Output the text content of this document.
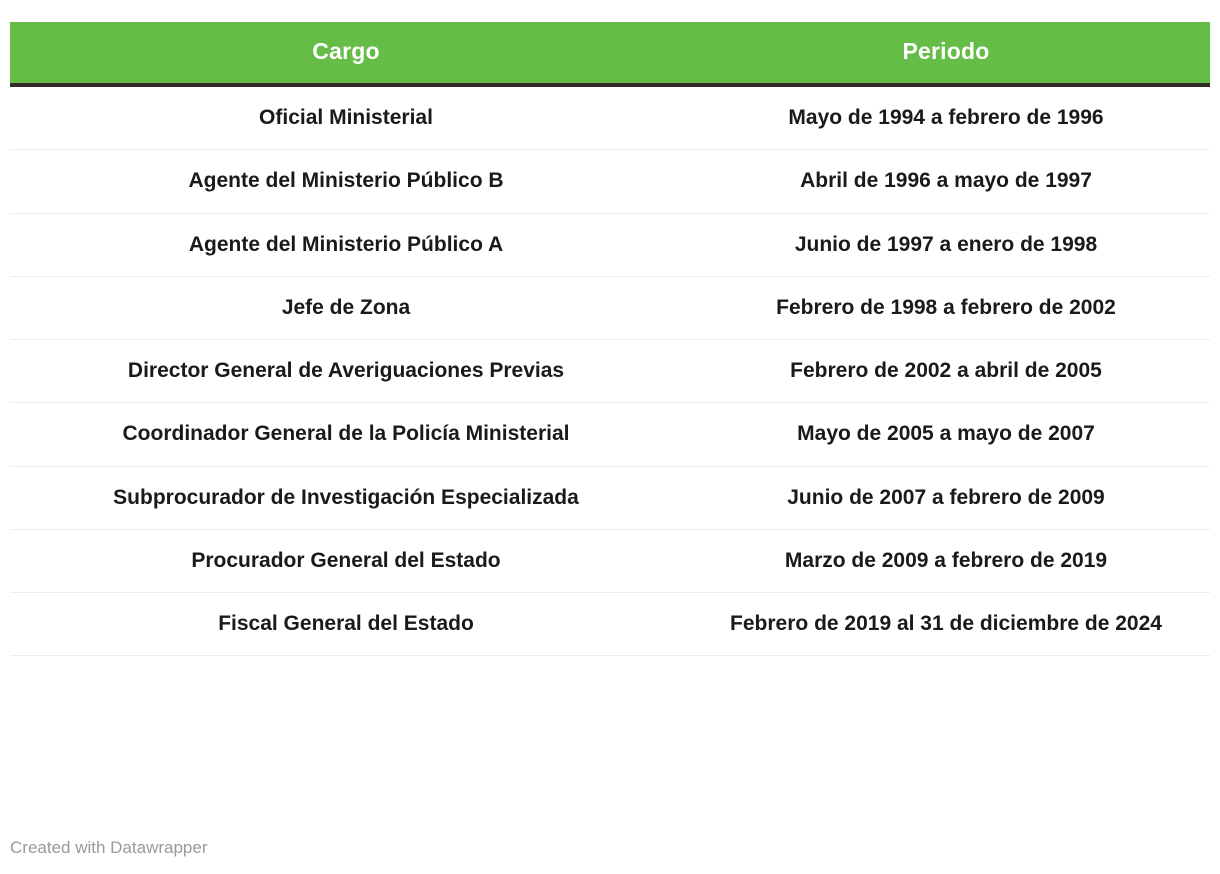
Cargo	Periodo
Oficial Ministerial	Mayo de 1994 a febrero de 1996
Agente del Ministerio Público B	Abril de 1996 a mayo de 1997
Agente del Ministerio Público A	Junio de 1997 a enero de 1998
Jefe de Zona	Febrero de 1998 a febrero de 2002
Director General de Averiguaciones Previas	Febrero de 2002 a abril de 2005
Coordinador General de la Policía Ministerial	Mayo de 2005 a mayo de 2007
Subprocurador de Investigación Especializada	Junio de 2007 a febrero de 2009
Procurador General del Estado	Marzo de 2009 a febrero de 2019
Fiscal General del Estado	Febrero de 2019 al 31 de diciembre de 2024
Created with Datawrapper
